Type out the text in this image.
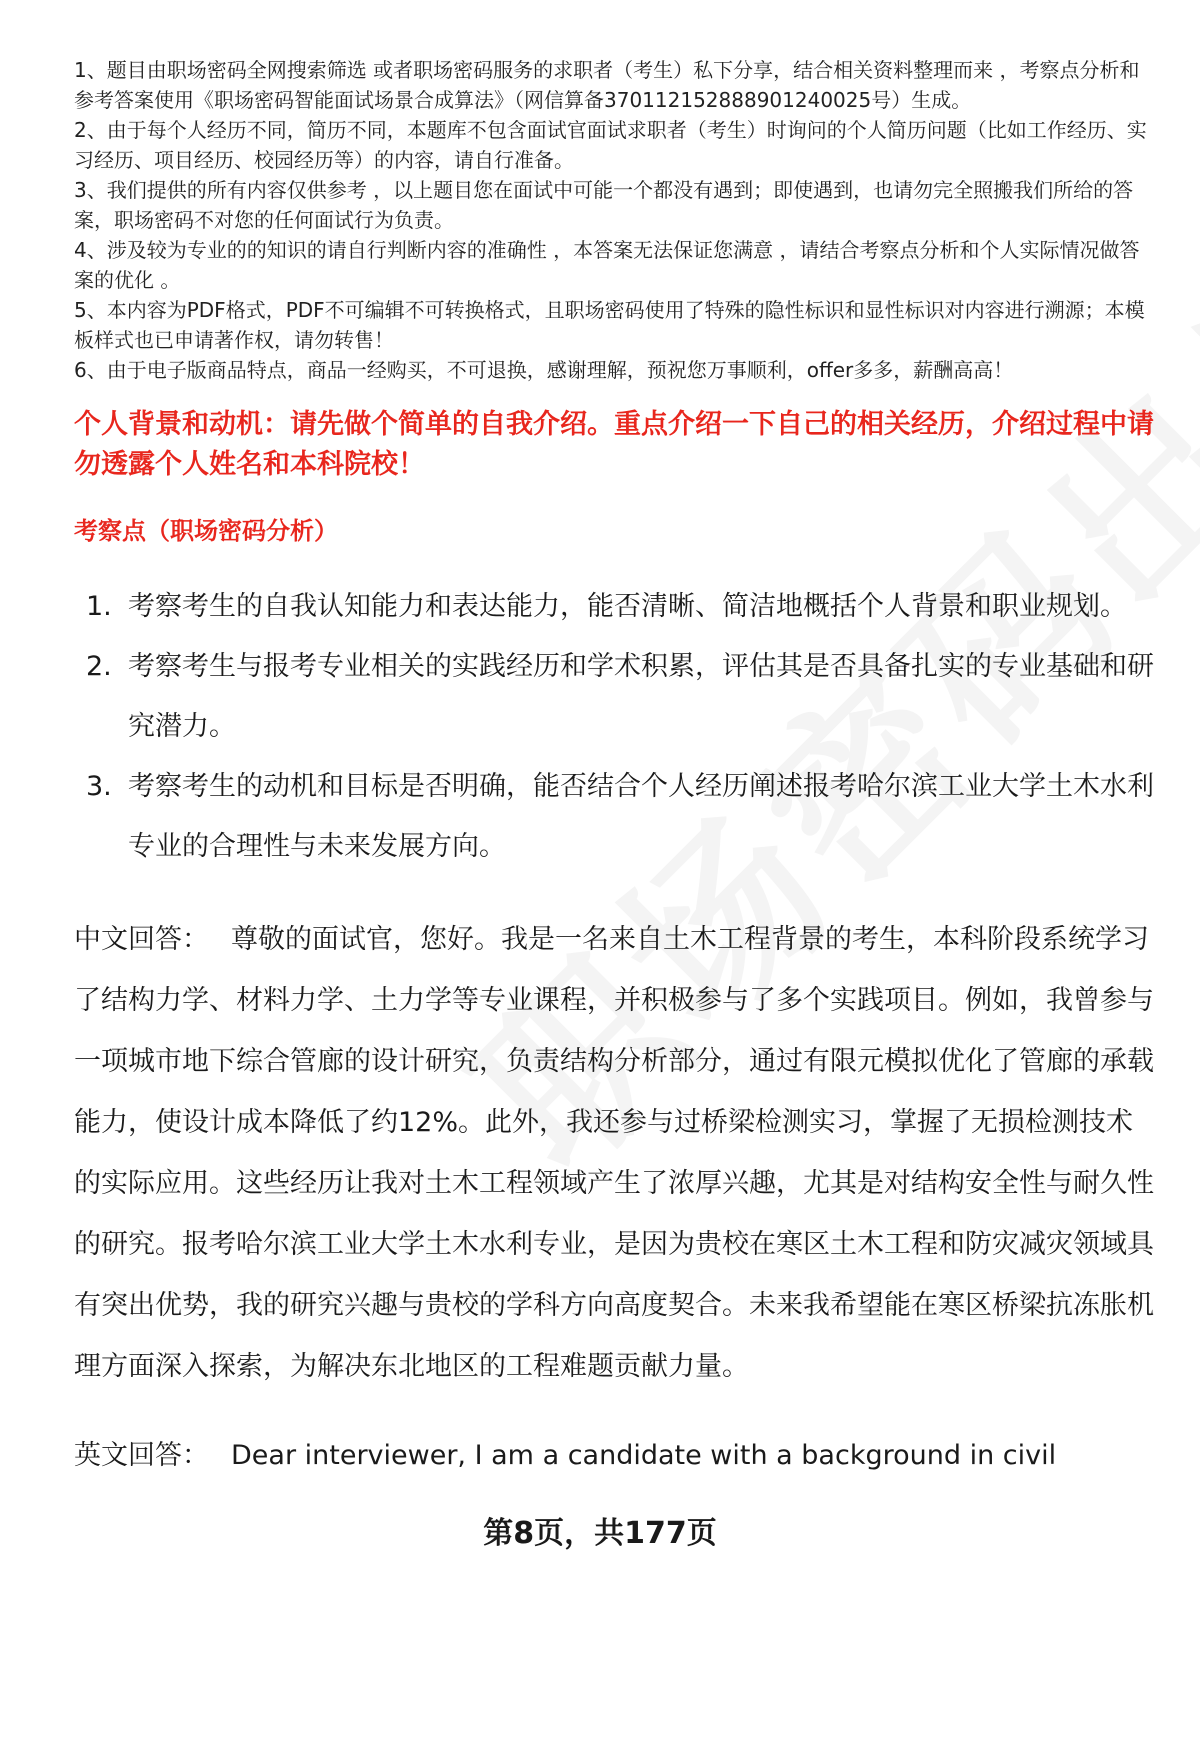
1、题目由职场密码全网搜索筛选 或者职场密码服务的求职者（考生）私下分享，结合相关资料整理而来 ，考察点分析和参考答案使用《职场密码智能面试场景合成算法》（网信算备370112152888901240025号）生成。

2、由于每个人经历不同，简历不同，本题库不包含面试官面试求职者（考生）时询问的个人简历问题（比如工作经历、实习经历、项目经历、校园经历等）的内容，请自行准备。

3、我们提供的所有内容仅供参考 ，以上题目您在面试中可能一个都没有遇到；即使遇到，也请勿完全照搬我们所给的答案，职场密码不对您的任何面试行为负责。

4、涉及较为专业的的知识的请自行判断内容的准确性 ，本答案无法保证您满意 ，请结合考察点分析和个人实际情况做答案的优化 。

5、本内容为PDF格式，PDF不可编辑不可转换格式，且职场密码使用了特殊的隐性标识和显性标识对内容进行溯源；本模板样式也已申请著作权，请勿转售！

6、由于电子版商品特点，商品一经购买，不可退换，感谢理解，预祝您万事顺利，offer多多，薪酬高高！

个人背景和动机：请先做个简单的自我介绍。重点介绍一下自己的相关经历，介绍过程中请勿透露个人姓名和本科院校！
考察点（职场密码分析）
1. 考察考生的自我认知能力和表达能力，能否清晰、简洁地概括个人背景和职业规划。
2. 考察考生与报考专业相关的实践经历和学术积累，评估其是否具备扎实的专业基础和研究潜力。
3. 考察考生的动机和目标是否明确，能否结合个人经历阐述报考哈尔滨工业大学土木水利专业的合理性与未来发展方向。
中文回答： 尊敬的面试官，您好。我是一名来自土木工程背景的考生，本科阶段系统学习了结构力学、材料力学、土力学等专业课程，并积极参与了多个实践项目。例如，我曾参与一项城市地下综合管廊的设计研究，负责结构分析部分，通过有限元模拟优化了管廊的承载能力，使设计成本降低了约12%。此外，我还参与过桥梁检测实习，掌握了无损检测技术的实际应用。这些经历让我对土木工程领域产生了浓厚兴趣，尤其是对结构安全性与耐久性的研究。报考哈尔滨工业大学土木水利专业，是因为贵校在寒区土木工程和防灾减灾领域具有突出优势，我的研究兴趣与贵校的学科方向高度契合。未来我希望能在寒区桥梁抗冻胀机理方面深入探索，为解决东北地区的工程难题贡献力量。
英文回答： Dear interviewer, I am a candidate with a background in civil
第8页，共177页
